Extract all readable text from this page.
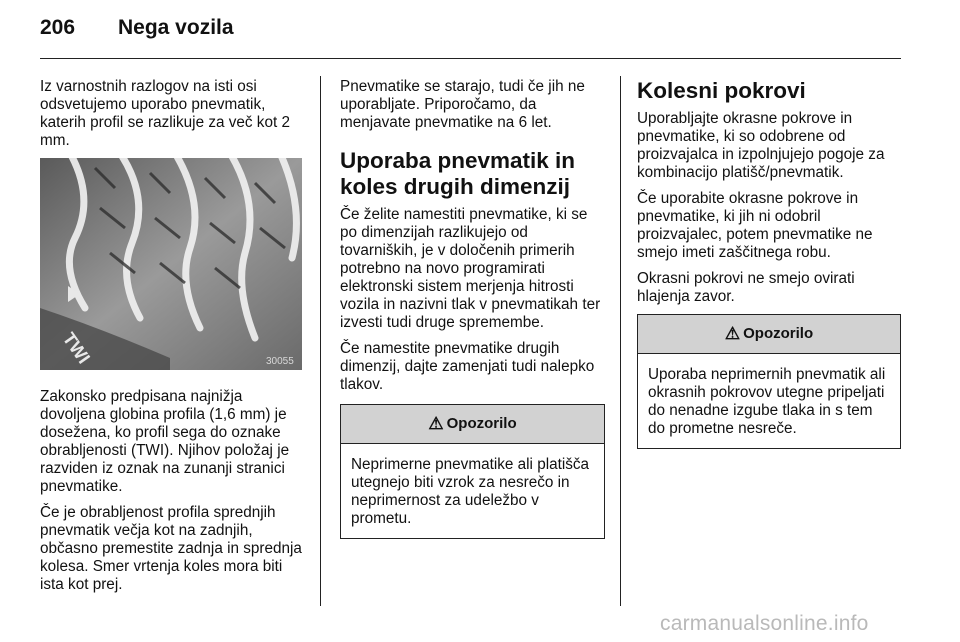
206	Nega vozila

Iz varnostnih razlogov na isti osi odsvetujemo uporabo pnevmatik, katerih profil se razlikuje za več kot 2 mm.

TWI	30055

Zakonsko predpisana najnižja dovoljena globina profila (1,6 mm) je dosežena, ko profil sega do oznake obrabljenosti (TWI). Njihov položaj je razviden iz oznak na zunanji stranici pnevmatike.

Če je obrabljenost profila sprednjih pnevmatik večja kot na zadnjih, občasno premestite zadnja in sprednja kolesa. Smer vrtenja koles mora biti ista kot prej.

Pnevmatike se starajo, tudi če jih ne uporabljate. Priporočamo, da menjavate pnevmatike na 6 let.

Uporaba pnevmatik in koles drugih dimenzij

Če želite namestiti pnevmatike, ki se po dimenzijah razlikujejo od tovarniških, je v določenih primerih potrebno na novo programirati elektronski sistem merjenja hitrosti vozila in nazivni tlak v pnevmatikah ter izvesti tudi druge spremembe.

Če namestite pnevmatike drugih dimenzij, dajte zamenjati tudi nalepko tlakov.

⚠ Opozorilo
Neprimerne pnevmatike ali platišča utegnejo biti vzrok za nesrečo in neprimernost za udeležbo v prometu.
Kolesni pokrovi

Uporabljajte okrasne pokrove in pnevmatike, ki so odobrene od proizvajalca in izpolnjujejo pogoje za kombinacijo platišč/pnevmatik.

Če uporabite okrasne pokrove in pnevmatike, ki jih ni odobril proizvajalec, potem pnevmatike ne smejo imeti zaščitnega robu.

Okrasni pokrovi ne smejo ovirati hlajenja zavor.

⚠ Opozorilo
Uporaba neprimernih pnevmatik ali okrasnih pokrovov utegne pripeljati do nenadne izgube tlaka in s tem do prometne nesreče.
carmanualsonline.info
